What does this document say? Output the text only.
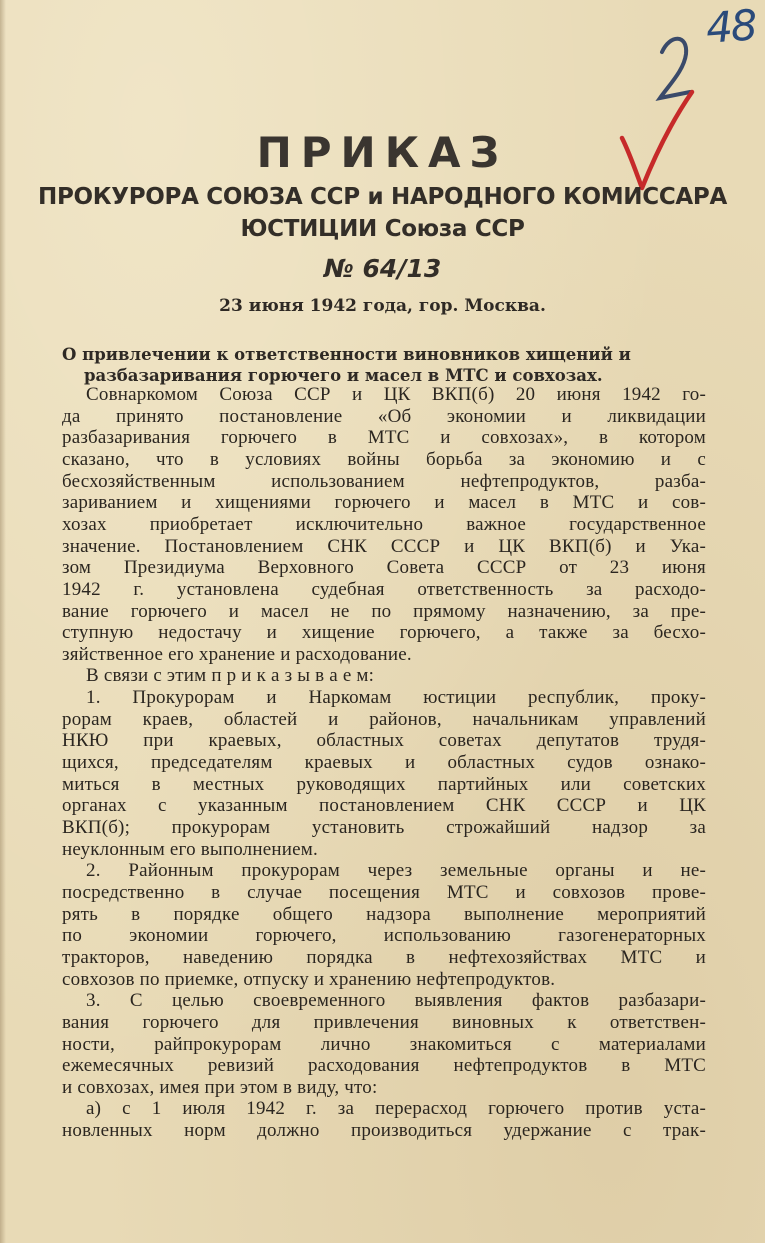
48
ПРИКАЗ
ПРОКУРОРА СОЮЗА ССР и НАРОДНОГО КОМИССАРА
ЮСТИЦИИ Союза ССР
№ 64/13
23 июня 1942 года, гор. Москва.
О привлечении к ответственности виновников хищений и
разбазаривания горючего и масел в МТС и совхозах.
Совнаркомом Союза ССР и ЦК ВКП(б) 20 июня 1942 го-
да принято постановление «Об экономии и ликвидации
разбазаривания горючего в МТС и совхозах», в котором
сказано, что в условиях войны борьба за экономию и с
бесхозяйственным использованием нефтепродуктов, разба-
зариванием и хищениями горючего и масел в МТС и сов-
хозах приобретает исключительно важное государственное
значение. Постановлением СНК СССР и ЦК ВКП(б) и Ука-
зом Президиума Верховного Совета СССР от 23 июня
1942 г. установлена судебная ответственность за расходо-
вание горючего и масел не по прямому назначению, за пре-
ступную недостачу и хищение горючего, а также за бесхо-
зяйственное его хранение и расходование.
В связи с этим п р и к а з ы в а е м:
1. Прокурорам и Наркомам юстиции республик, проку-
рорам краев, областей и районов, начальникам управлений
НКЮ при краевых, областных советах депутатов трудя-
щихся, председателям краевых и областных судов ознако-
миться в местных руководящих партийных или советских
органах с указанным постановлением СНК СССР и ЦК
ВКП(б); прокурорам установить строжайший надзор за
неуклонным его выполнением.
2. Районным прокурорам через земельные органы и не-
посредственно в случае посещения МТС и совхозов прове-
рять в порядке общего надзора выполнение мероприятий
по экономии горючего, использованию газогенераторных
тракторов, наведению порядка в нефтехозяйствах МТС и
совхозов по приемке, отпуску и хранению нефтепродуктов.
3. С целью своевременного выявления фактов разбазари-
вания горючего для привлечения виновных к ответствен-
ности, райпрокурорам лично знакомиться с материалами
ежемесячных ревизий расходования нефтепродуктов в МТС
и совхозах, имея при этом в виду, что:
а) с 1 июля 1942 г. за перерасход горючего против уста-
новленных норм должно производиться удержание с трак-
